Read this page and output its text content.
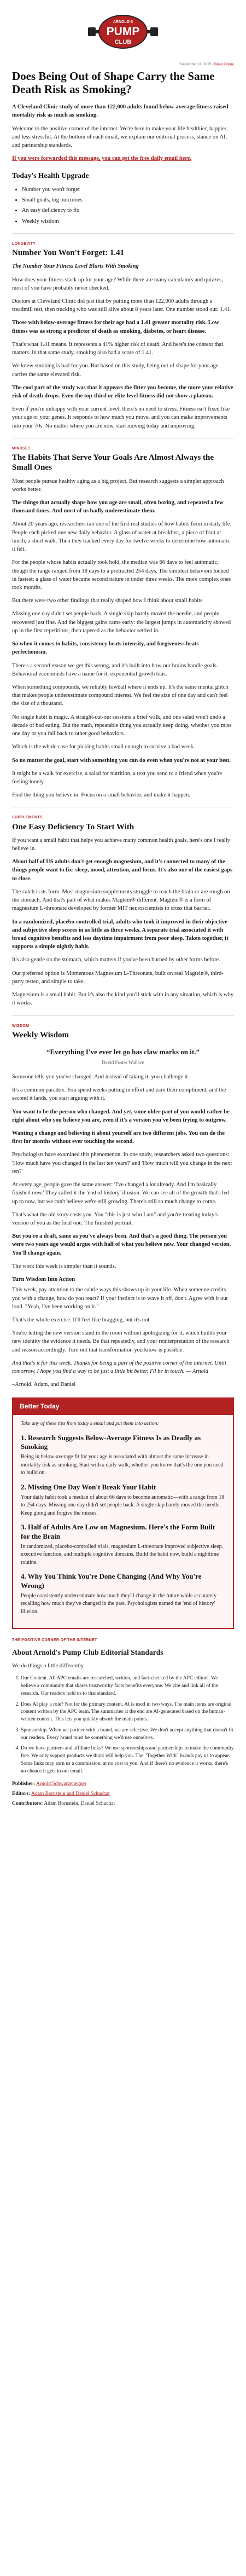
ARNOLD'S
PUMP
CLUB
September 11, 2025 | Read Online
Does Being Out of Shape Carry the Same Death Risk as Smoking?

A Cleveland Clinic study of more than 122,000 adults found below-average fitness raised mortality risk as much as smoking.

Welcome to the positive corner of the internet. We're here to make your life healthier, happier, and less stressful. At the bottom of each email, we explain our editorial process, stance on AI, and partnership standards.

If you were forwarded this message, you can get the free daily email here.

Today's Health Upgrade
• Number you won't forget
• Small goals, big outcomes
• An easy deficiency to fix
• Weekly wisdom
LONGEVITY
Number You Won't Forget: 1.41

The Number Your Fitness Level Blurts With Smoking

How does your fitness stack up for your age? While there are many calculators and quizzes, most of you have probably never checked.

Doctors at Cleveland Clinic did just that by putting more than 122,000 adults through a treadmill test, then tracking who was still alive about 8 years later. One number stood out: 1.41.

Those with below-average fitness for their age had a 1.41 greater mortality risk. Low fitness was as strong a predictor of death as smoking, diabetes, or heart disease.

That's what 1.41 means. It represents a 41% higher risk of death. And here's the context that matters. In that same study, smoking also had a score of 1.41.

We knew smoking is bad for you. But based on this study, being out of shape for your age carries the same elevated risk.

The cool part of the study was that it appears the fitter you become, the more your relative risk of death drops. Even the top-third or elite-level fitness did not show a plateau.

Even if you're unhappy with your current level, there's no need to stress. Fitness isn't fixed like your age or your genes. It responds to how much you move, and you can make improvements into your 70s. No matter where you are now, start moving today and improving.

MINDSET
The Habits That Serve Your Goals Are Almost Always the Small Ones

Most people pursue healthy aging as a big project. But research suggests a simpler approach works better.

The things that actually shape how you age are small, often boring, and repeated a few thousand times. And most of us badly underestimate them.

About 20 years ago, researchers ran one of the first real studies of how habits form in daily life. People each picked one new daily behavior. A glass of water at breakfast, a piece of fruit at lunch, a short walk. Then they tracked every day for twelve weeks to determine how automatic it felt.

For the people whose habits actually took hold, the median was 66 days to feel automatic, though the range ranged from 18 days to a protracted 254 days. The simplest behaviors locked in fastest: a glass of water became second nature in under three weeks. The more complex ones took months.

But there were two other findings that really shaped how I think about small habits.

Missing one day didn't set people back. A single skip barely moved the needle, and people recovered just fine. And the biggest gains came early: the largest jumps in automaticity showed up in the first repetitions, then tapered as the behavior settled in.

So when it comes to habits, consistency beats intensity, and forgiveness beats perfectionism.

There's a second reason we get this wrong, and it's built into how our brains handle goals. Behavioral economists have a name for it: exponential growth bias.

When something compounds, we reliably lowball where it ends up. It's the same mental glitch that makes people underestimate compound interest. We feel the size of one day and can't feel the size of a thousand.

No single habit is magic. A straight-cut-out sessions a brief walk, and one salad won't undo a decade of bad eating. But the math, repeatable thing you actually keep doing, whether you miss one day or you fall back to other good behaviors.

Which is the whole case for picking habits small enough to survive a bad week.

So no matter the goal, start with something you can do even when you're not at your best.

It might be a walk for exercise, a salad for nutrition, a text you send to a friend when you're feeling lonely.

Find the thing you believe in. Focus on a small behavior, and make it happen.

SUPPLEMENTS
One Easy Deficiency To Start With

If you want a small habit that helps you achieve many common health goals, here's one I really believe in.

About half of US adults don't get enough magnesium, and it's connected to many of the things people want to fix: sleep, mood, attention, and focus. It's also one of the easiest gaps to close.

The catch is its form. Most magnesium supplements struggle to reach the brain or are rough on the stomach. And that's part of what makes Magtein® different. Magtein® is a form of magnesium L-threonate developed by former MIT neuroscientists to cross that barrier.

In a randomized, placebo-controlled trial, adults who took it improved in their objective and subjective sleep scores in as little as three weeks. A separate trial associated it with broad cognitive benefits and less daytime impairment from poor sleep. Taken together, it supports a simple nightly habit.

It's also gentle on the stomach, which matters if you've been burned by other forms before.

Our preferred option is Momentous Magnesium L-Threonate, built on real Magtein®, third-party tested, and simple to take.

Magnesium is a small habit. But it's also the kind you'll stick with in any situation, which is why it works.

WISDOM
Weekly Wisdom
“Everything I've ever let go has claw marks on it.”
David Foster Wallace

Someone tells you you've changed. And instead of taking it, you challenge it.

It's a common paradox. You spend weeks putting in effort and earn their compliment, and the second it lands, you start arguing with it.

You want to be the person who changed. And yet, some older part of you would rather be right about who you believe you are, even if it's a version you've been trying to outgrow.

Wanting a change and believing it about yourself are two different jobs. You can do the first for months without ever touching the second.

Psychologists have examined this phenomenon. In one study, researchers asked two questions: 'How much have you changed in the last ten years?' and 'How much will you change in the next ten?'

At every age, people gave the same answer: 'I've changed a lot already. And I'm basically finished now.' They called it the 'end of history' illusion. We can see all of the growth that's led up to now, but we can't believe we're still growing. There's still so much change to come.

That's what the old story costs you. You "this is just who I am" and you're treating today's version of you as the final one. The finished portrait.

But you're a draft, same as you've always been. And that's a good thing. The person you were two years ago would argue with half of what you believe now. Your changed version. You'll change again.

The work this week is simpler than it sounds.

Turn Wisdom Into Action

This week, pay attention to the subtle ways this shows up in your life. When someone credits you with a change, how do you react? If your instinct is to wave it off, don't. Agree with it out loud. "Yeah, I've been working on it."

That's the whole exercise. It'll feel like bragging, but it's not.

You're letting the new version stand in the room without apologizing for it, which builds your new identity the evidence it needs. Be that repeatedly, and your reinterpretation of the research and reason accordingly. Turn out that transformation you know is possible.

And that's it for this week. Thanks for being a part of the positive corner of the internet. Until tomorrow, I hope you find a way to be just a little bit better. I'll be in touch. — Arnold

–Arnold, Adam, and Daniel

Better Today

Take any of these tips from today's email and put them into action:

1. Research Suggests Below-Average Fitness Is as Deadly as Smoking

Being in below-average fit for your age is associated with almost the same increase in mortality risk as smoking. Start with a daily walk, whether you know that's the one you need to build on.

2. Missing One Day Won't Break Your Habit

Your daily habit took a median of about 66 days to become automatic—with a range from 18 to 254 days. Missing one day didn't set people back. A single skip barely moved the needle. Keep going and forgive the misses.

3. Half of Adults Are Low on Magnesium. Here's the Form Built for the Brain

In randomized, placebo-controlled trials, magnesium L-threonate improved subjective sleep, executive function, and multiple cognitive domains. Build the habit now, build a nighttime routine.

4. Why You Think You're Done Changing (And Why You're Wrong)

People consistently underestimate how much they'll change in the future while accurately recalling how much they've changed in the past. Psychologists named the 'end of history' illusion.

THE POSITIVE CORNER OF THE INTERNET
About Arnold's Pump Club Editorial Standards

We do things a little differently.

1. Our Content. All APC emails are researched, written, and fact-checked by the APC editors. We believe a community that shares trustworthy facts benefits everyone. We cite and link all of the research. Our readers hold us to that standard.
2. Does AI play a role? Not for the primary content. AI is used in two ways. The main items are original content written by the APC team. The summaries at the end are AI-generated based on the human-written content. This lets you quickly absorb the main points.
3. Sponsorship. When we partner with a brand, we are selective. We don't accept anything that doesn't fit our readers. Every brand must be something we'd use ourselves.
4. Do we have partners and affiliate links? We use sponsorships and partnerships to make the community free. We only support products we think will help you. The "Together With" brands pay us to appear. Some links may earn us a commission, at no cost to you. And if there's no evidence it works, there's no chance it gets in our email.

Publisher: Arnold Schwarzenegger

Editors: Adam Bornstein and Daniel Schuchat

Contributors: Adam Bornstein, Daniel Schuchat
